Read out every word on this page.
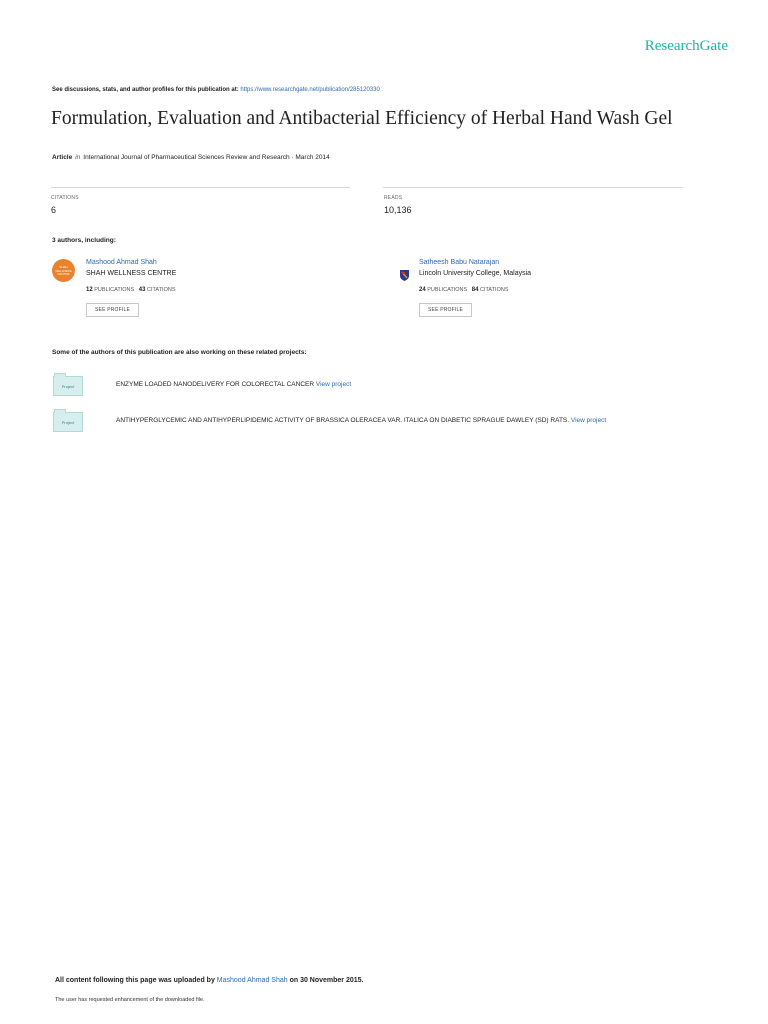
ResearchGate
See discussions, stats, and author profiles for this publication at: https://www.researchgate.net/publication/285120330
Formulation, Evaluation and Antibacterial Efficiency of Herbal Hand Wash Gel
Article in International Journal of Pharmaceutical Sciences Review and Research · March 2014
CITATIONS
6
READS
10,136
3 authors, including:
SHAH WELLNESS CENTRE
Mashood Ahmad Shah
SHAH WELLNESS CENTRE
12 PUBLICATIONS 43 CITATIONS
SEE PROFILE
Satheesh Babu Natarajan
Lincoln University College, Malaysia
24 PUBLICATIONS 84 CITATIONS
SEE PROFILE
Some of the authors of this publication are also working on these related projects:
Project	ENZYME LOADED NANODELIVERY FOR COLORECTAL CANCER View project
Project	ANTIHYPERGLYCEMIC AND ANTIHYPERLIPIDEMIC ACTIVITY OF BRASSICA OLERACEA VAR. ITALICA ON DIABETIC SPRAGUE DAWLEY (SD) RATS. View project
All content following this page was uploaded by Mashood Ahmad Shah on 30 November 2015.
The user has requested enhancement of the downloaded file.
